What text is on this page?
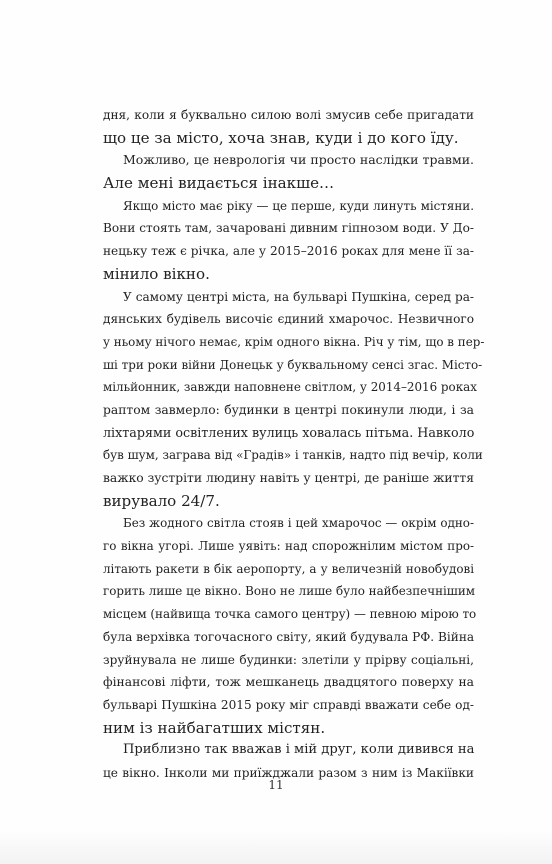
дня, коли я буквально силою волі змусив себе пригадати
що це за місто, хоча знав, куди і до кого їду.
Можливо, це неврологія чи просто наслідки травми.
Але мені видається інакше…
Якщо місто має ріку — це перше, куди линуть містяни.
Вони стоять там, зачаровані дивним гіпнозом води. У До-
нецьку теж є річка, але у 2015–2016 роках для мене її за-
мінило вікно.
У самому центрі міста, на бульварі Пушкіна, серед ра-
дянських будівель височіє єдиний хмарочос. Незвичного
у ньому нічого немає, крім одного вікна. Річ у тім, що в пер-
ші три роки війни Донецьк у буквальному сенсі згас. Місто-
мільйонник, завжди наповнене світлом, у 2014–2016 роках
раптом завмерло: будинки в центрі покинули люди, і за
ліхтарями освітлених вулиць ховалась пітьма. Навколо
був шум, заграва від «Градів» і танків, надто під вечір, коли
важко зустріти людину навіть у центрі, де раніше життя
вирувало 24/7.
Без жодного світла стояв і цей хмарочос — окрім одно-
го вікна угорі. Лише уявіть: над спорожнілим містом про-
літають ракети в бік аеропорту, а у величезній новобудові
горить лише це вікно. Воно не лише було найбезпечнішим
місцем (найвища точка самого центру) — певною мірою то
була верхівка тогочасного світу, який будувала РФ. Війна
зруйнувала не лише будинки: злетіли у прірву соціальні,
фінансові ліфти, тож мешканець двадцятого поверху на
бульварі Пушкіна 2015 року міг справді вважати себе од-
ним із найбагатших містян.
Приблизно так вважав і мій друг, коли дивився на
це вікно. Інколи ми приїжджали разом з ним із Макіївки
11
